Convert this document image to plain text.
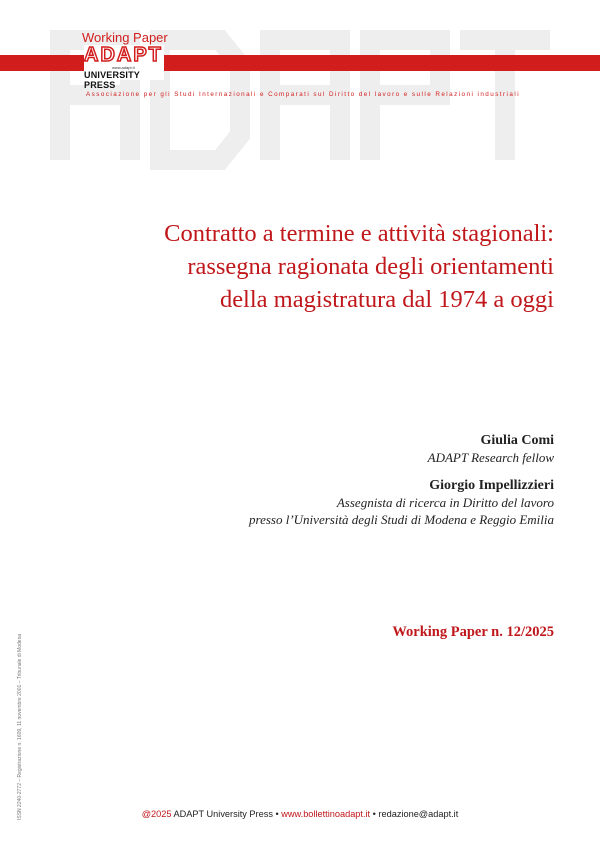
Working Paper
ADAPT
www.adapt.it
UNIVERSITY PRESS
Associazione per gli Studi Internazionali e Comparati sul Diritto del lavoro e sulle Relazioni industriali
Contratto a termine e attività stagionali:
rassegna ragionata degli orientamenti
della magistratura dal 1974 a oggi

Giulia Comi

ADAPT Research fellow

Giorgio Impellizzieri

Assegnista di ricerca in Diritto del lavoro

presso l’Università degli Studi di Modena e Reggio Emilia

Working Paper n. 12/2025
ISSN 2240-2772 – Registrazione n. 1609, 11 novembre 2001 – Tribunale di Modena	@2025 ADAPT University Press • www.bollettinoadapt.it • redazione@adapt.it
